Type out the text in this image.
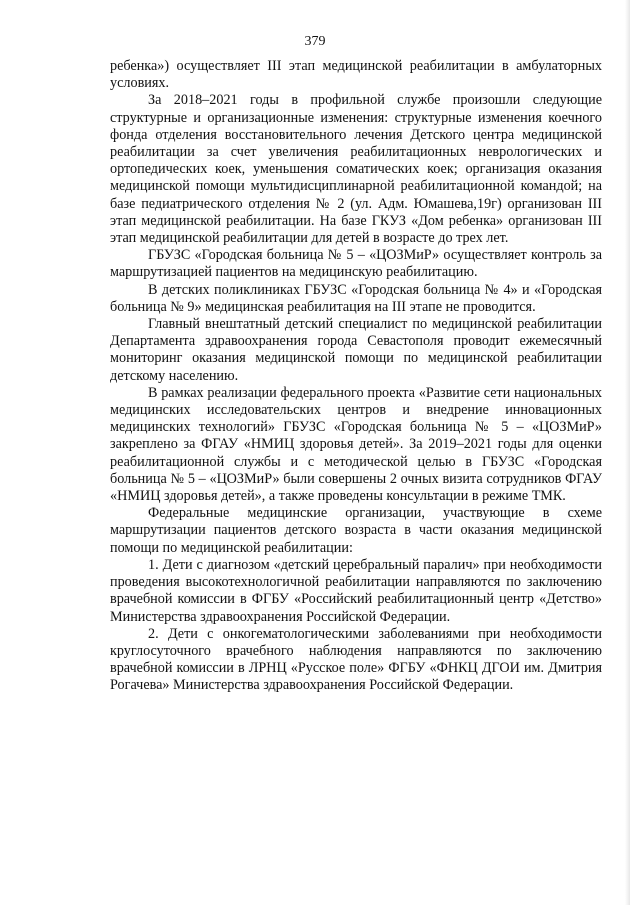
379

ребенка») осуществляет III этап медицинской реабилитации в амбулаторных условиях.

За 2018–2021 годы в профильной службе произошли следующие структурные и организационные изменения: структурные изменения коечного фонда отделения восстановительного лечения Детского центра медицинской реабилитации за счет увеличения реабилитационных неврологических и ортопедических коек, уменьшения соматических коек; организация оказания медицинской помощи мультидисциплинарной реабилитационной командой; на базе педиатрического отделения № 2 (ул. Адм. Юмашева,19г) организован III этап медицинской реабилитации. На базе ГКУЗ «Дом ребенка» организован III этап медицинской реабилитации для детей в возрасте до трех лет.

ГБУЗС «Городская больница № 5 – «ЦОЗМиР» осуществляет контроль за маршрутизацией пациентов на медицинскую реабилитацию.

В детских поликлиниках ГБУЗС «Городская больница № 4» и «Городская больница № 9» медицинская реабилитация на III этапе не проводится.

Главный внештатный детский специалист по медицинской реабилитации Департамента здравоохранения города Севастополя проводит ежемесячный мониторинг оказания медицинской помощи по медицинской реабилитации детскому населению.

В рамках реализации федерального проекта «Развитие сети национальных медицинских исследовательских центров и внедрение инновационных медицинских технологий» ГБУЗС «Городская больница № 5 – «ЦОЗМиР» закреплено за ФГАУ «НМИЦ здоровья детей». За 2019–2021 годы для оценки реабилитационной службы и с методической целью в ГБУЗС «Городская больница № 5 – «ЦОЗМиР» были совершены 2 очных визита сотрудников ФГАУ «НМИЦ здоровья детей», а также проведены консультации в режиме ТМК.

Федеральные медицинские организации, участвующие в схеме маршрутизации пациентов детского возраста в части оказания медицинской помощи по медицинской реабилитации:

1. Дети с диагнозом «детский церебральный паралич» при необходимости проведения высокотехнологичной реабилитации направляются по заключению врачебной комиссии в ФГБУ «Российский реабилитационный центр «Детство» Министерства здравоохранения Российской Федерации.

2. Дети с онкогематологическими заболеваниями при необходимости круглосуточного врачебного наблюдения направляются по заключению врачебной комиссии в ЛРНЦ «Русское поле» ФГБУ «ФНКЦ ДГОИ им. Дмитрия Рогачева» Министерства здравоохранения Российской Федерации.
